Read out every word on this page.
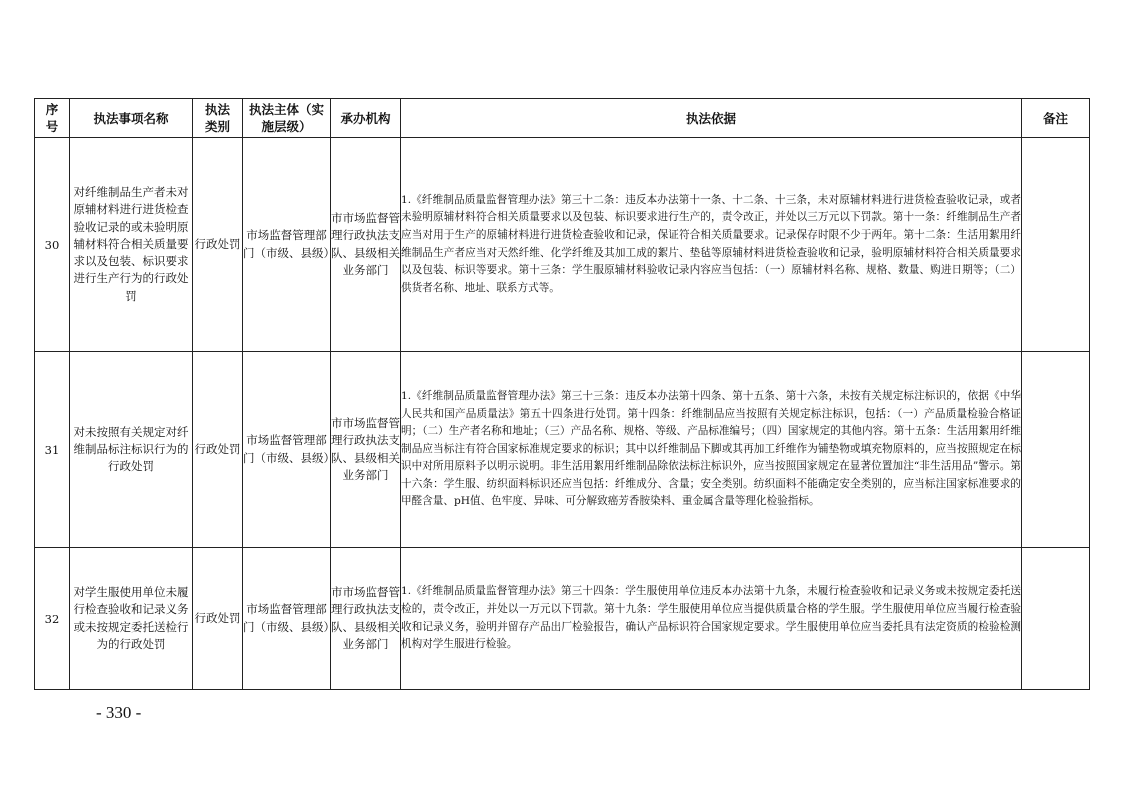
序号	执法事项名称	执法类别	执法主体（实施层级）	承办机构	执法依据	备注
30	对纤维制品生产者未对原辅材料进行进货检查验收记录的或未验明原辅材料符合相关质量要求以及包装、标识要求进行生产行为的行政处罚	行政处罚	市场监督管理部门（市级、县级）	市市场监督管理行政执法支队、县级相关业务部门	1.《纤维制品质量监督管理办法》第三十二条：违反本办法第十一条、十二条、十三条，未对原辅材料进行进货检查验收记录，或者未验明原辅材料符合相关质量要求以及包装、标识要求进行生产的，责令改正，并处以三万元以下罚款。第十一条：纤维制品生产者应当对用于生产的原辅材料进行进货检查验收和记录，保证符合相关质量要求。记录保存时限不少于两年。第十二条：生活用絮用纤维制品生产者应当对天然纤维、化学纤维及其加工成的絮片、垫毡等原辅材料进货检查验收和记录，验明原辅材料符合相关质量要求以及包装、标识等要求。第十三条：学生服原辅材料验收记录内容应当包括：（一）原辅材料名称、规格、数量、购进日期等；（二）供货者名称、地址、联系方式等。	
31	对未按照有关规定对纤维制品标注标识行为的行政处罚	行政处罚	市场监督管理部门（市级、县级）	市市场监督管理行政执法支队、县级相关业务部门	1.《纤维制品质量监督管理办法》第三十三条：违反本办法第十四条、第十五条、第十六条，未按有关规定标注标识的，依据《中华人民共和国产品质量法》第五十四条进行处罚。第十四条：纤维制品应当按照有关规定标注标识，包括：（一）产品质量检验合格证明；（二）生产者名称和地址；（三）产品名称、规格、等级、产品标准编号；（四）国家规定的其他内容。第十五条：生活用絮用纤维制品应当标注有符合国家标准规定要求的标识；其中以纤维制品下脚或其再加工纤维作为铺垫物或填充物原料的，应当按照规定在标识中对所用原料予以明示说明。非生活用絮用纤维制品除依法标注标识外，应当按照国家规定在显著位置加注“非生活用品”警示。第十六条：学生服、纺织面料标识还应当包括：纤维成分、含量；安全类别。纺织面料不能确定安全类别的，应当标注国家标准要求的甲醛含量、pH值、色牢度、异味、可分解致癌芳香胺染料、重金属含量等理化检验指标。	
32	对学生服使用单位未履行检查验收和记录义务或未按规定委托送检行为的行政处罚	行政处罚	市场监督管理部门（市级、县级）	市市场监督管理行政执法支队、县级相关业务部门	1.《纤维制品质量监督管理办法》第三十四条：学生服使用单位违反本办法第十九条，未履行检查验收和记录义务或未按规定委托送检的，责令改正，并处以一万元以下罚款。第十九条：学生服使用单位应当提供质量合格的学生服。学生服使用单位应当履行检查验收和记录义务，验明并留存产品出厂检验报告，确认产品标识符合国家规定要求。学生服使用单位应当委托具有法定资质的检验检测机构对学生服进行检验。	
- 330 -
